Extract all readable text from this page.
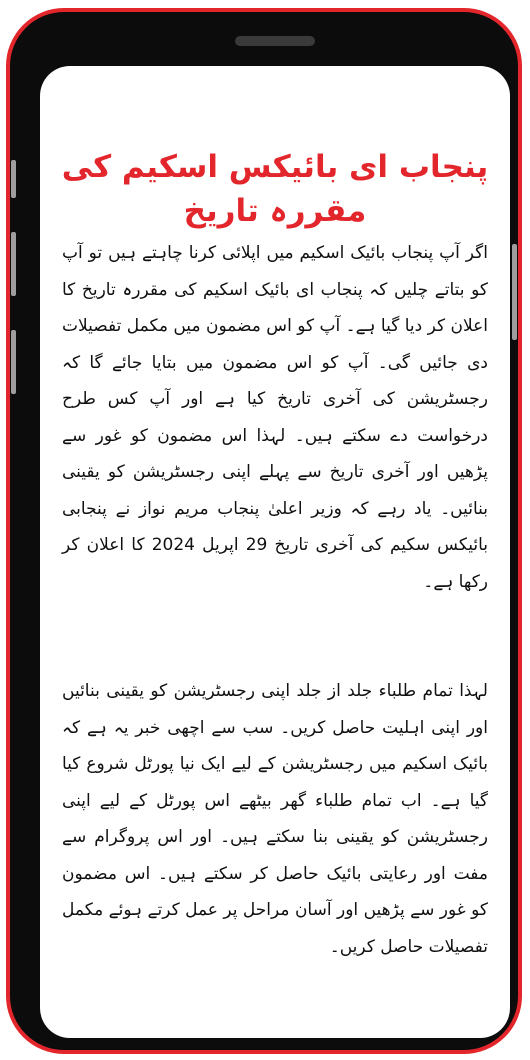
پنجاب ای بائیکس اسکیم کی مقررہ تاریخ

اگر آپ پنجاب بائیک اسکیم میں اپلائی کرنا چاہتے ہیں تو آپ کو بتاتے چلیں کہ پنجاب ای بائیک اسکیم کی مقررہ تاریخ کا اعلان کر دیا گیا ہے۔ آپ کو اس مضمون میں مکمل تفصیلات دی جائیں گی۔ آپ کو اس مضمون میں بتایا جائے گا کہ رجسٹریشن کی آخری تاریخ کیا ہے اور آپ کس طرح درخواست دے سکتے ہیں۔ لہذا اس مضمون کو غور سے پڑھیں اور آخری تاریخ سے پہلے اپنی رجسٹریشن کو یقینی بنائیں۔ یاد رہے کہ وزیر اعلیٰ پنجاب مریم نواز نے پنجابی بائیکس سکیم کی آخری تاریخ 29 اپریل 2024 کا اعلان کر رکھا ہے۔

لہذا تمام طلباء جلد از جلد اپنی رجسٹریشن کو یقینی بنائیں اور اپنی اہلیت حاصل کریں۔ سب سے اچھی خبر یہ ہے کہ بائیک اسکیم میں رجسٹریشن کے لیے ایک نیا پورٹل شروع کیا گیا ہے۔ اب تمام طلباء گھر بیٹھے اس پورٹل کے لیے اپنی رجسٹریشن کو یقینی بنا سکتے ہیں۔ اور اس پروگرام سے مفت اور رعایتی بائیک حاصل کر سکتے ہیں۔ اس مضمون کو غور سے پڑھیں اور آسان مراحل پر عمل کرتے ہوئے مکمل تفصیلات حاصل کریں۔
